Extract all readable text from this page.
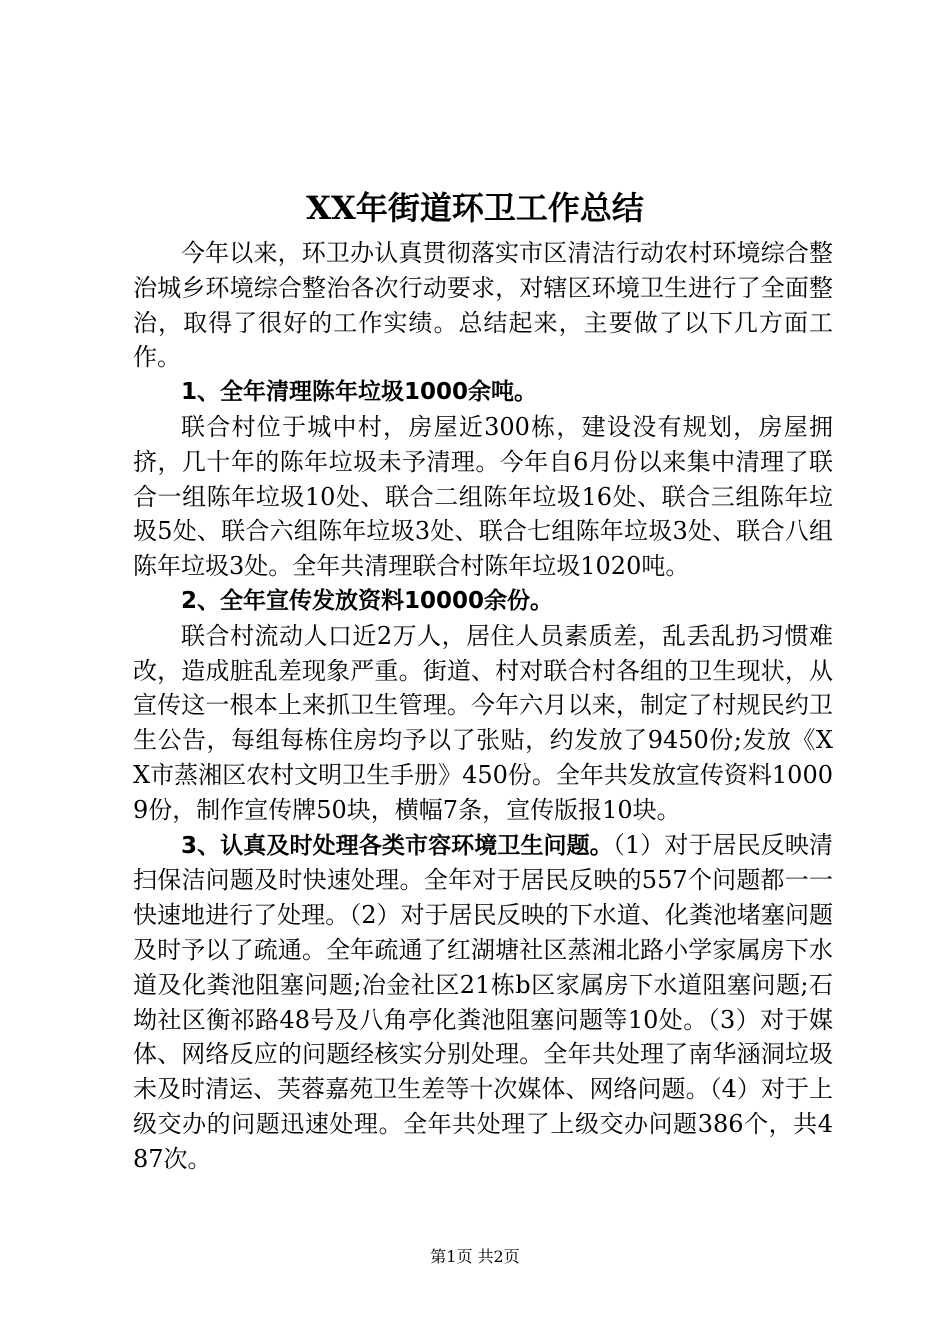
XX年街道环卫工作总结

今年以来，环卫办认真贯彻落实市区清洁行动农村环境综合整治城乡环境综合整治各次行动要求，对辖区环境卫生进行了全面整治，取得了很好的工作实绩。总结起来，主要做了以下几方面工作。

1、全年清理陈年垃圾1000余吨。

联合村位于城中村，房屋近300栋，建设没有规划，房屋拥挤，几十年的陈年垃圾未予清理。今年自6月份以来集中清理了联合一组陈年垃圾10处、联合二组陈年垃圾16处、联合三组陈年垃圾5处、联合六组陈年垃圾3处、联合七组陈年垃圾3处、联合八组陈年垃圾3处。全年共清理联合村陈年垃圾1020吨。

2、全年宣传发放资料10000余份。

联合村流动人口近2万人，居住人员素质差，乱丢乱扔习惯难改，造成脏乱差现象严重。街道、村对联合村各组的卫生现状，从宣传这一根本上来抓卫生管理。今年六月以来，制定了村规民约卫生公告，每组每栋住房均予以了张贴，约发放了9450份;发放《XX市蒸湘区农村文明卫生手册》450份。全年共发放宣传资料10009份，制作宣传牌50块，横幅7条，宣传版报10块。

3、认真及时处理各类市容环境卫生问题。（1）对于居民反映清扫保洁问题及时快速处理。全年对于居民反映的557个问题都一一快速地进行了处理。（2）对于居民反映的下水道、化粪池堵塞问题及时予以了疏通。全年疏通了红湖塘社区蒸湘北路小学家属房下水道及化粪池阻塞问题;冶金社区21栋b区家属房下水道阻塞问题;石坳社区衡祁路48号及八角亭化粪池阻塞问题等10处。（3）对于媒体、网络反应的问题经核实分别处理。全年共处理了南华涵洞垃圾未及时清运、芙蓉嘉苑卫生差等十次媒体、网络问题。（4）对于上级交办的问题迅速处理。全年共处理了上级交办问题386个，共487次。

第1页 共2页
